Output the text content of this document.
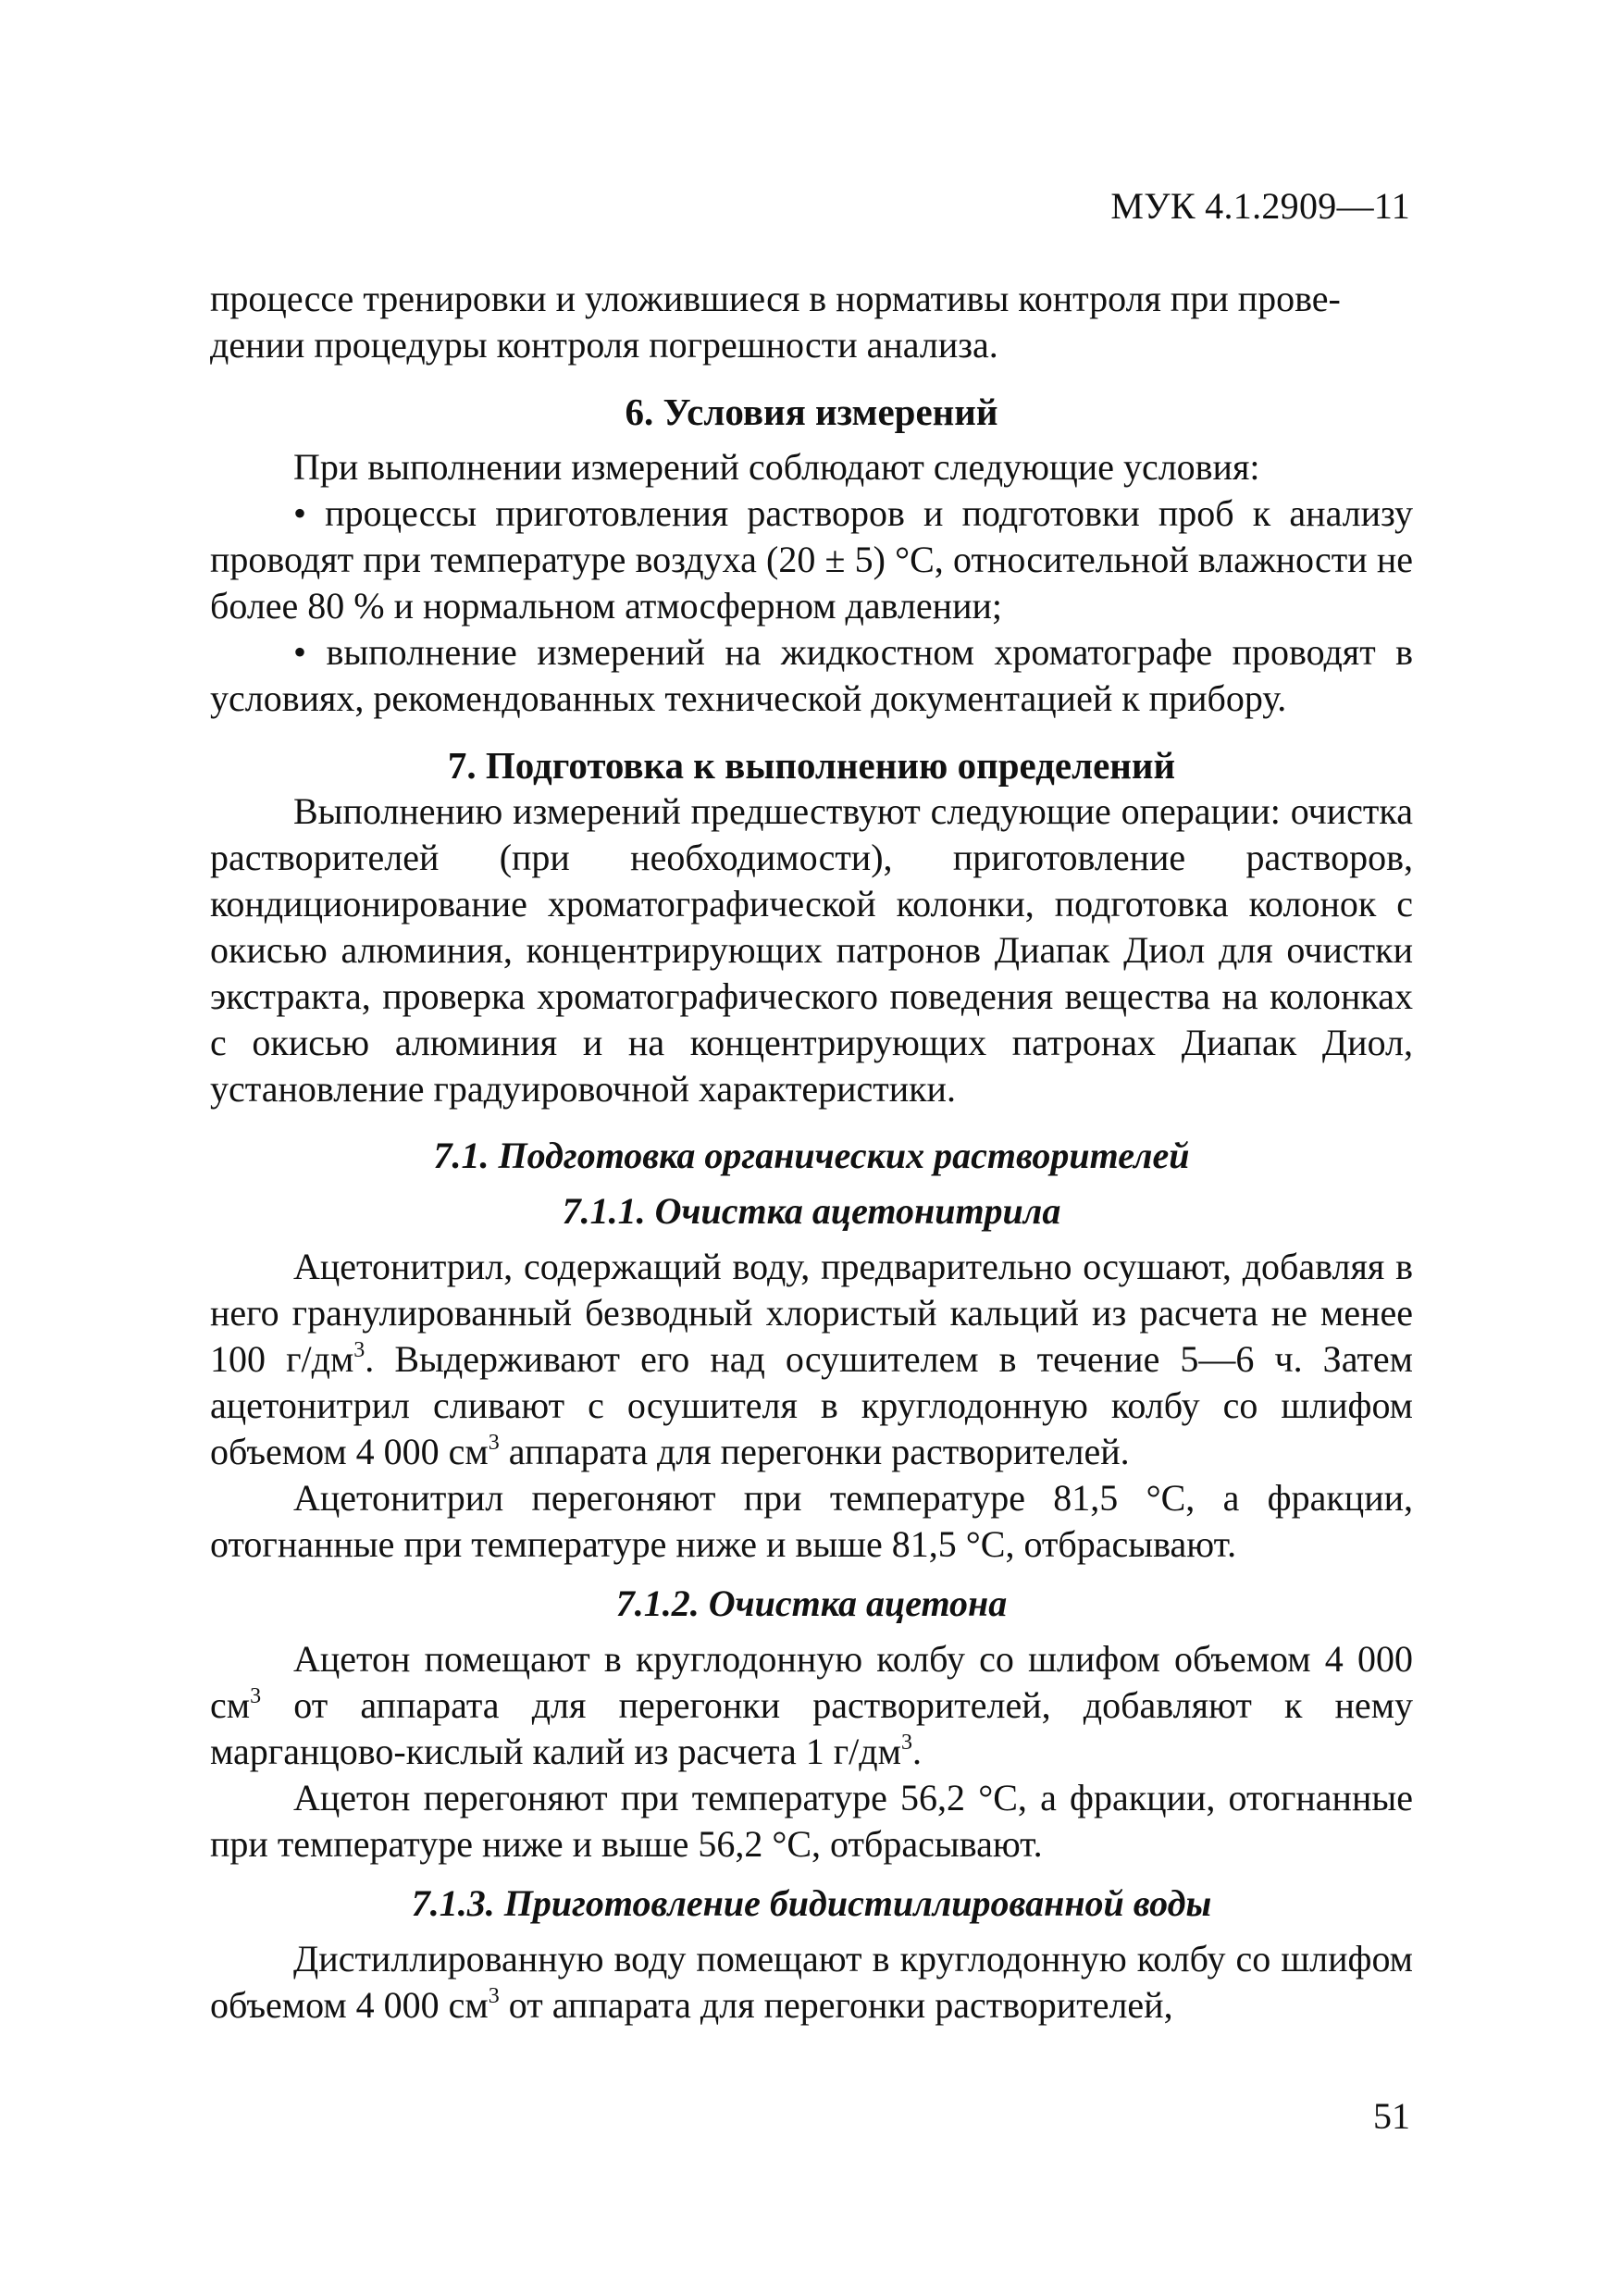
МУК 4.1.2909—11

процессе тренировки и уложившиеся в нормативы контроля при прове-

дении процедуры контроля погрешности анализа.

6. Условия измерений

При выполнении измерений соблюдают следующие условия:

• процессы приготовления растворов и подготовки проб к анализу проводят при температуре воздуха (20 ± 5) °С, относительной влажности не более 80 % и нормальном атмосферном давлении;

• выполнение измерений на жидкостном хроматографе проводят в условиях, рекомендованных технической документацией к прибору.

7. Подготовка к выполнению определений

Выполнению измерений предшествуют следующие операции: очистка растворителей (при необходимости), приготовление растворов, кондиционирование хроматографической колонки, подготовка колонок с окисью алюминия, концентрирующих патронов Диапак Диол для очистки экстракта, проверка хроматографического поведения вещества на колонках с окисью алюминия и на концентрирующих патронах Диапак Диол, установление градуировочной характеристики.

7.1. Подготовка органических растворителей
7.1.1. Очистка ацетонитрила

Ацетонитрил, содержащий воду, предварительно осушают, добавляя в него гранулированный безводный хлористый кальций из расчета не менее 100 $г/дм^3$. Выдерживают его над осушителем в течение 5—6 ч. Затем ацетонитрил сливают с осушителя в круглодонную колбу со шлифом объемом 4 000 $см^3$ аппарата для перегонки растворителей.

Ацетонитрил перегоняют при температуре 81,5 °С, а фракции, отогнанные при температуре ниже и выше 81,5 °С, отбрасывают.

7.1.2. Очистка ацетона

Ацетон помещают в круглодонную колбу со шлифом объемом 4 000 $см^3$ от аппарата для перегонки растворителей, добавляют к нему марганцово-кислый калий из расчета 1 $г/дм^3$.

Ацетон перегоняют при температуре 56,2 °С, а фракции, отогнанные при температуре ниже и выше 56,2 °С, отбрасывают.

7.1.3. Приготовление бидистиллированной воды

Дистиллированную воду помещают в круглодонную колбу со шлифом объемом 4 000 $см^3$ от аппарата для перегонки растворителей,

51
